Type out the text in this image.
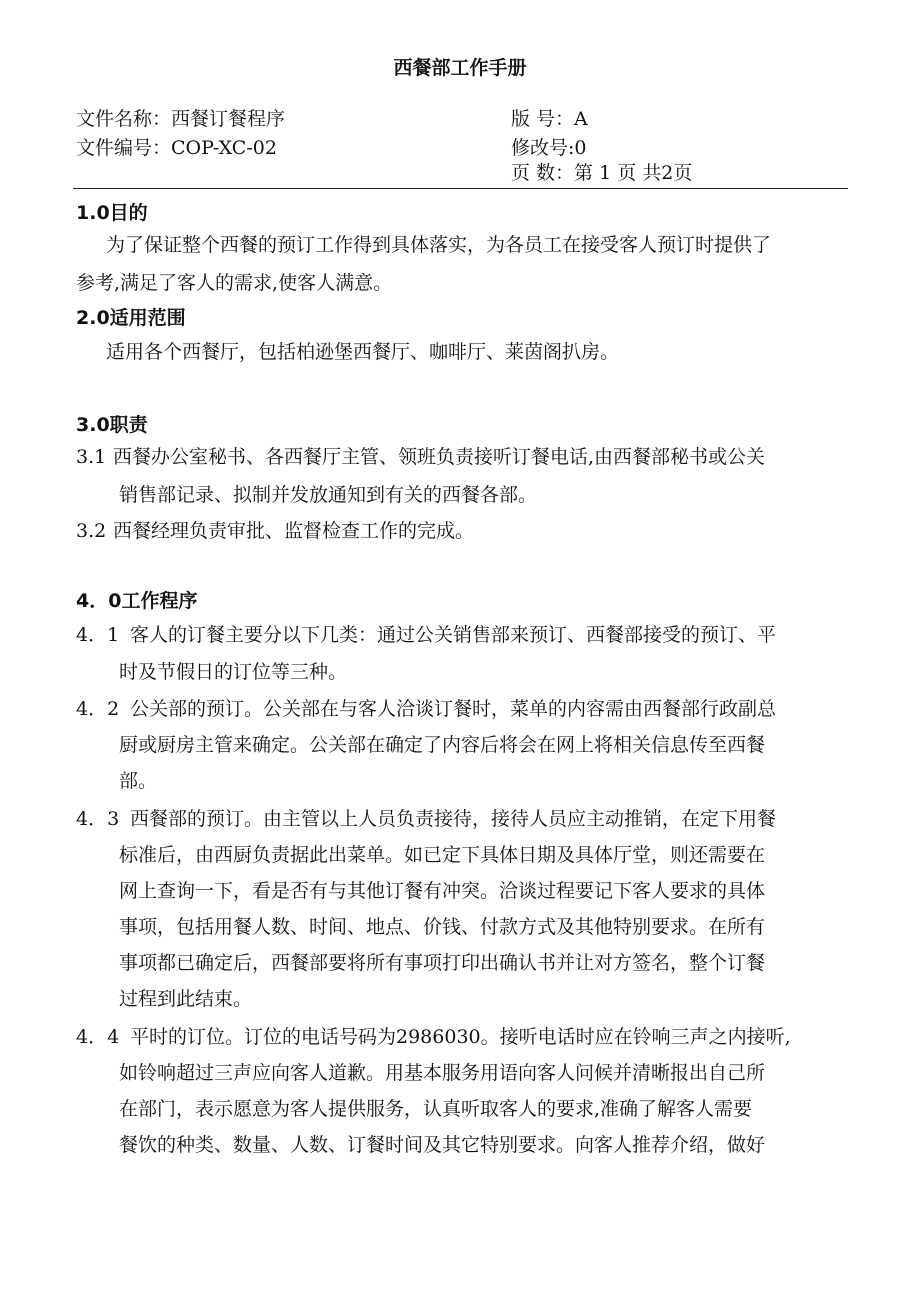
西餐部工作手册
文件名称：西餐订餐程序
文件编号：COP-XC-02
版 号：A
修改号:0
页 数：第 1 页 共2页
1.0目的
为了保证整个西餐的预订工作得到具体落实，为各员工在接受客人预订时提供了
参考,满足了客人的需求,使客人满意。
2.0适用范围
适用各个西餐厅，包括柏逊堡西餐厅、咖啡厅、莱茵阁扒房。
3.0职责
3.1 西餐办公室秘书、各西餐厅主管、领班负责接听订餐电话,由西餐部秘书或公关
销售部记录、拟制并发放通知到有关的西餐各部。
3.2 西餐经理负责审批、监督检查工作的完成。
4．0工作程序
4．1 客人的订餐主要分以下几类：通过公关销售部来预订、西餐部接受的预订、平
时及节假日的订位等三种。
4．2 公关部的预订。公关部在与客人洽谈订餐时，菜单的内容需由西餐部行政副总
厨或厨房主管来确定。公关部在确定了内容后将会在网上将相关信息传至西餐
部。
4．3 西餐部的预订。由主管以上人员负责接待，接待人员应主动推销，在定下用餐
标准后，由西厨负责据此出菜单。如已定下具体日期及具体厅堂，则还需要在
网上查询一下，看是否有与其他订餐有冲突。洽谈过程要记下客人要求的具体
事项，包括用餐人数、时间、地点、价钱、付款方式及其他特别要求。在所有
事项都已确定后，西餐部要将所有事项打印出确认书并让对方签名，整个订餐
过程到此结束。
4．4 平时的订位。订位的电话号码为2986030。接听电话时应在铃响三声之内接听,
如铃响超过三声应向客人道歉。用基本服务用语向客人问候并清晰报出自己所
在部门，表示愿意为客人提供服务，认真听取客人的要求,准确了解客人需要
餐饮的种类、数量、人数、订餐时间及其它特别要求。向客人推荐介绍，做好
